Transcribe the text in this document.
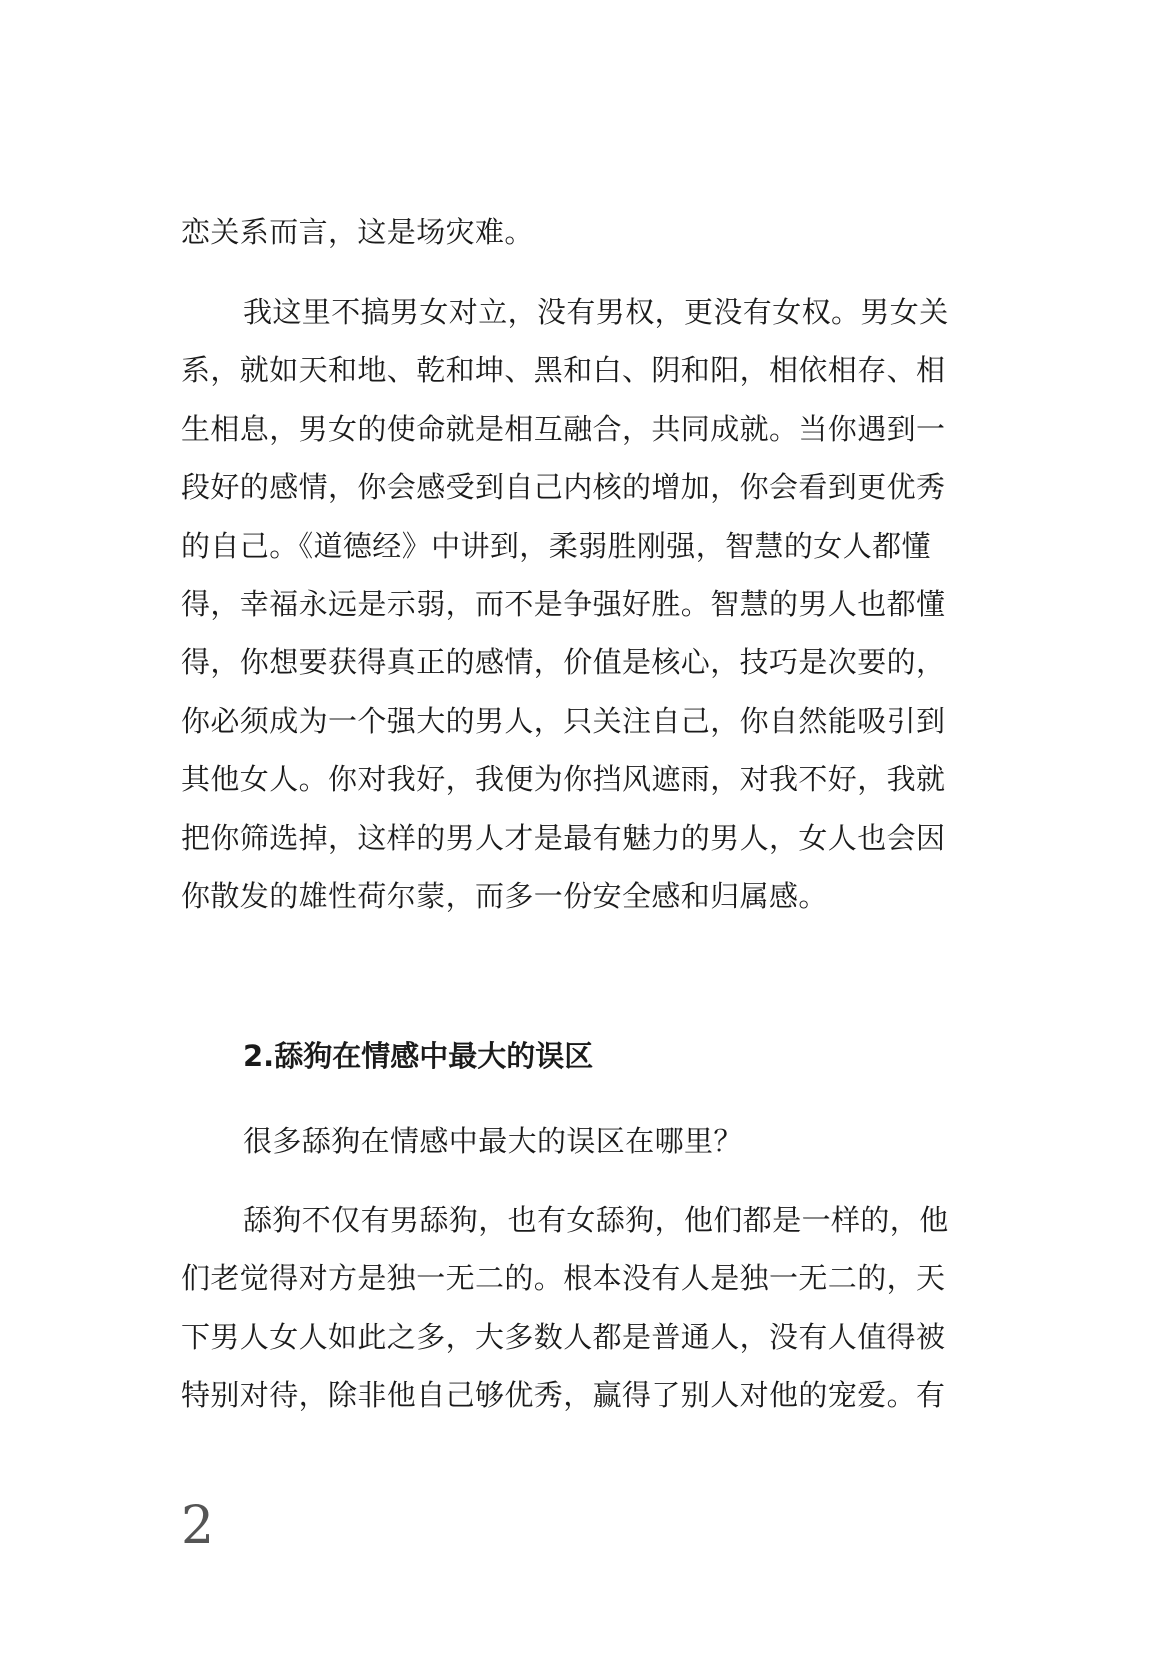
恋关系而言，这是场灾难。

我这里不搞男女对立，没有男权，更没有女权。男女关
系，就如天和地、乾和坤、黑和白、阴和阳，相依相存、相
生相息，男女的使命就是相互融合，共同成就。当你遇到一
段好的感情，你会感受到自己内核的增加，你会看到更优秀
的自己。《道德经》中讲到，柔弱胜刚强，智慧的女人都懂
得，幸福永远是示弱，而不是争强好胜。智慧的男人也都懂
得，你想要获得真正的感情，价值是核心，技巧是次要的，
你必须成为一个强大的男人，只关注自己，你自然能吸引到
其他女人。你对我好，我便为你挡风遮雨，对我不好，我就
把你筛选掉，这样的男人才是最有魅力的男人，女人也会因
你散发的雄性荷尔蒙，而多一份安全感和归属感。

2.舔狗在情感中最大的误区

很多舔狗在情感中最大的误区在哪里？

舔狗不仅有男舔狗，也有女舔狗，他们都是一样的，他
们老觉得对方是独一无二的。根本没有人是独一无二的，天
下男人女人如此之多，大多数人都是普通人，没有人值得被
特别对待，除非他自己够优秀，赢得了别人对他的宠爱。有

2
